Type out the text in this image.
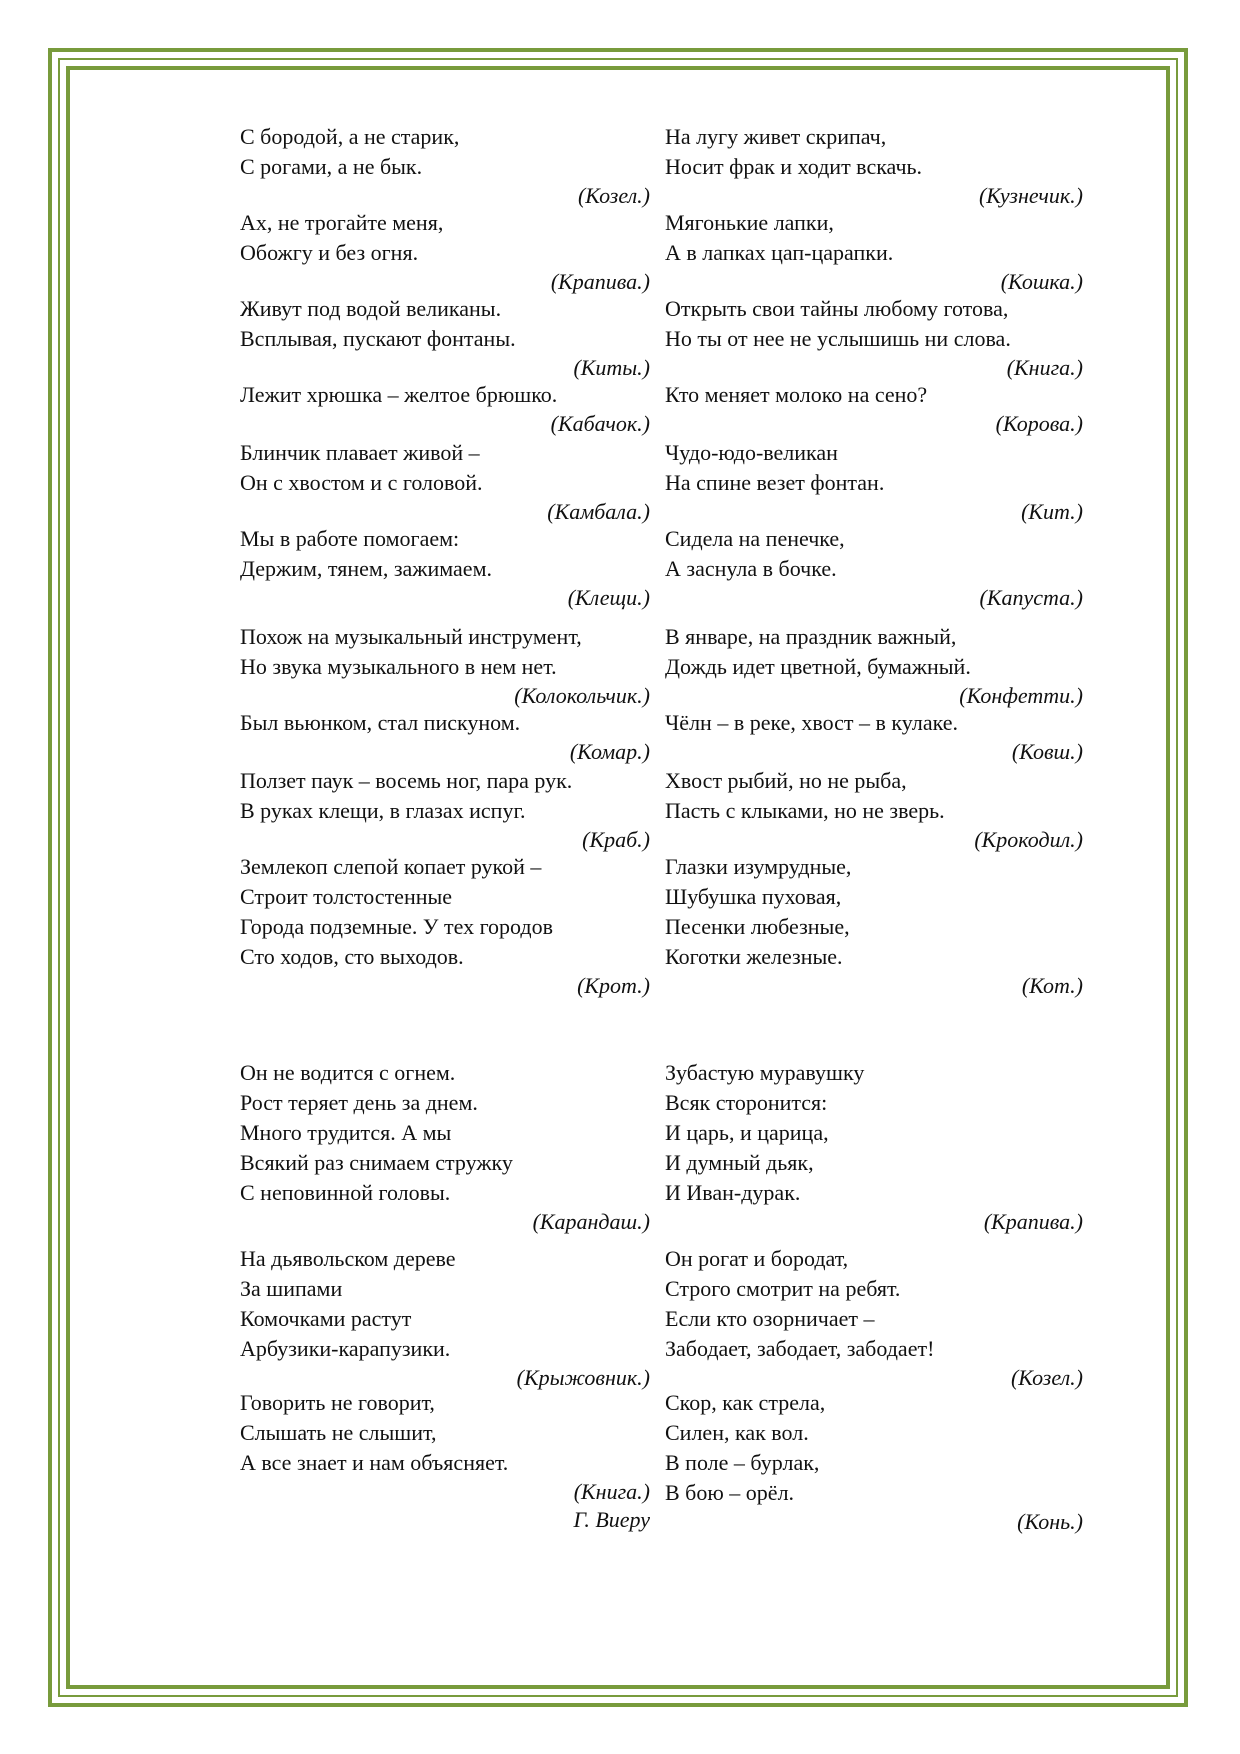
С бородой, а не старик,
С рогами, а не бык.
(Козел.)
Ах, не трогайте меня,
Обожгу и без огня.
(Крапива.)
Живут под водой великаны.
Всплывая, пускают фонтаны.
(Киты.)
Лежит хрюшка – желтое брюшко.
(Кабачок.)
Блинчик плавает живой –
Он с хвостом и с головой.
(Камбала.)
Мы в работе помогаем:
Держим, тянем, зажимаем.
(Клещи.)
Похож на музыкальный инструмент,
Но звука музыкального в нем нет.
(Колокольчик.)
Был вьюнком, стал пискуном.
(Комар.)
Ползет паук – восемь ног, пара рук.
В руках клещи, в глазах испуг.
(Краб.)
Землекоп слепой копает рукой –
Строит толстостенные
Города подземные. У тех городов
Сто ходов, сто выходов.
(Крот.)
Он не водится с огнем.
Рост теряет день за днем.
Много трудится. А мы
Всякий раз снимаем стружку
С неповинной головы.
(Карандаш.)
На дьявольском дереве
За шипами
Комочками растут
Арбузики-карапузики.
(Крыжовник.)
Говорить не говорит,
Слышать не слышит,
А все знает и нам объясняет.
(Книга.)
Г. Виеру
На лугу живет скрипач,
Носит фрак и ходит вскачь.
(Кузнечик.)
Мягонькие лапки,
А в лапках цап-царапки.
(Кошка.)
Открыть свои тайны любому готова,
Но ты от нее не услышишь ни слова.
(Книга.)
Кто меняет молоко на сено?
(Корова.)
Чудо-юдо-великан
На спине везет фонтан.
(Кит.)
Сидела на пенечке,
А заснула в бочке.
(Капуста.)
В январе, на праздник важный,
Дождь идет цветной, бумажный.
(Конфетти.)
Чёлн – в реке, хвост – в кулаке.
(Ковш.)
Хвост рыбий, но не рыба,
Пасть с клыками, но не зверь.
(Крокодил.)
Глазки изумрудные,
Шубушка пуховая,
Песенки любезные,
Коготки железные.
(Кот.)
Зубастую муравушку
Всяк сторонится:
И царь, и царица,
И думный дьяк,
И Иван-дурак.
(Крапива.)
Он рогат и бородат,
Строго смотрит на ребят.
Если кто озорничает –
Забодает, забодает, забодает!
(Козел.)
Скор, как стрела,
Силен, как вол.
В поле – бурлак,
В бою – орёл.
(Конь.)
